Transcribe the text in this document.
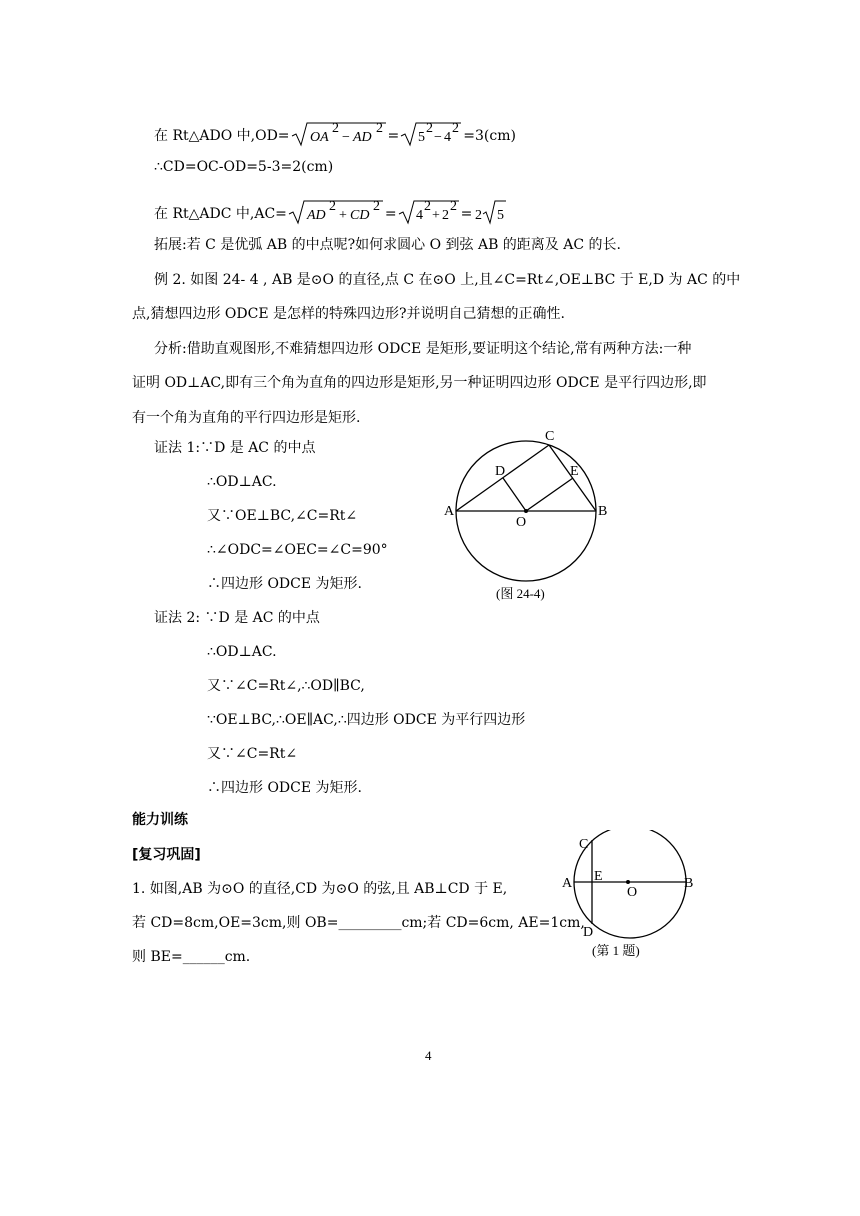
在 Rt△ADO 中,OD= OA
2
− AD
2 = 5
2
− 4
2 =3(cm)
∴CD=OC-OD=5-3=2(cm)
在 Rt△ADC 中,AC= AD
2
+ CD
2 = 4
2
+ 2
2 = 2 5
拓展:若 C 是优弧 AB 的中点呢?如何求圆心 O 到弦 AB 的距离及 AC 的长.
例 2. 如图 24- 4 , AB 是⊙O 的直径,点 C 在⊙O 上,且∠C=Rt∠,OE⊥BC 于 E,D 为 AC 的中
点,猜想四边形 ODCE 是怎样的特殊四边形?并说明自己猜想的正确性.
分析:借助直观图形,不难猜想四边形 ODCE 是矩形,要证明这个结论,常有两种方法:一种
证明 OD⊥AC,即有三个角为直角的四边形是矩形,另一种证明四边形 ODCE 是平行四边形,即
有一个角为直角的平行四边形是矩形.
证法 1:∵D 是 AC 的中点
∴OD⊥AC.
又∵OE⊥BC,∠C=Rt∠
∴∠ODC=∠OEC=∠C=90°
∴四边形 ODCE 为矩形.
C
D	E
A	B
O
(图 24-4)
证法 2: ∵D 是 AC 的中点
∴OD⊥AC.
又∵∠C=Rt∠,∴OD∥BC,
∵OE⊥BC,∴OE∥AC,∴四边形 ODCE 为平行四边形
又∵∠C=Rt∠
∴四边形 ODCE 为矩形.
能力训练
[复习巩固]
1. 如图,AB 为⊙O 的直径,CD 为⊙O 的弦,且 AB⊥CD 于 E,
若 CD=8cm,OE=3cm,则 OB=_________cm;若 CD=6cm, AE=1cm,
则 BE=______cm.
C
A E
O
B
D
(第 1 题)
4
